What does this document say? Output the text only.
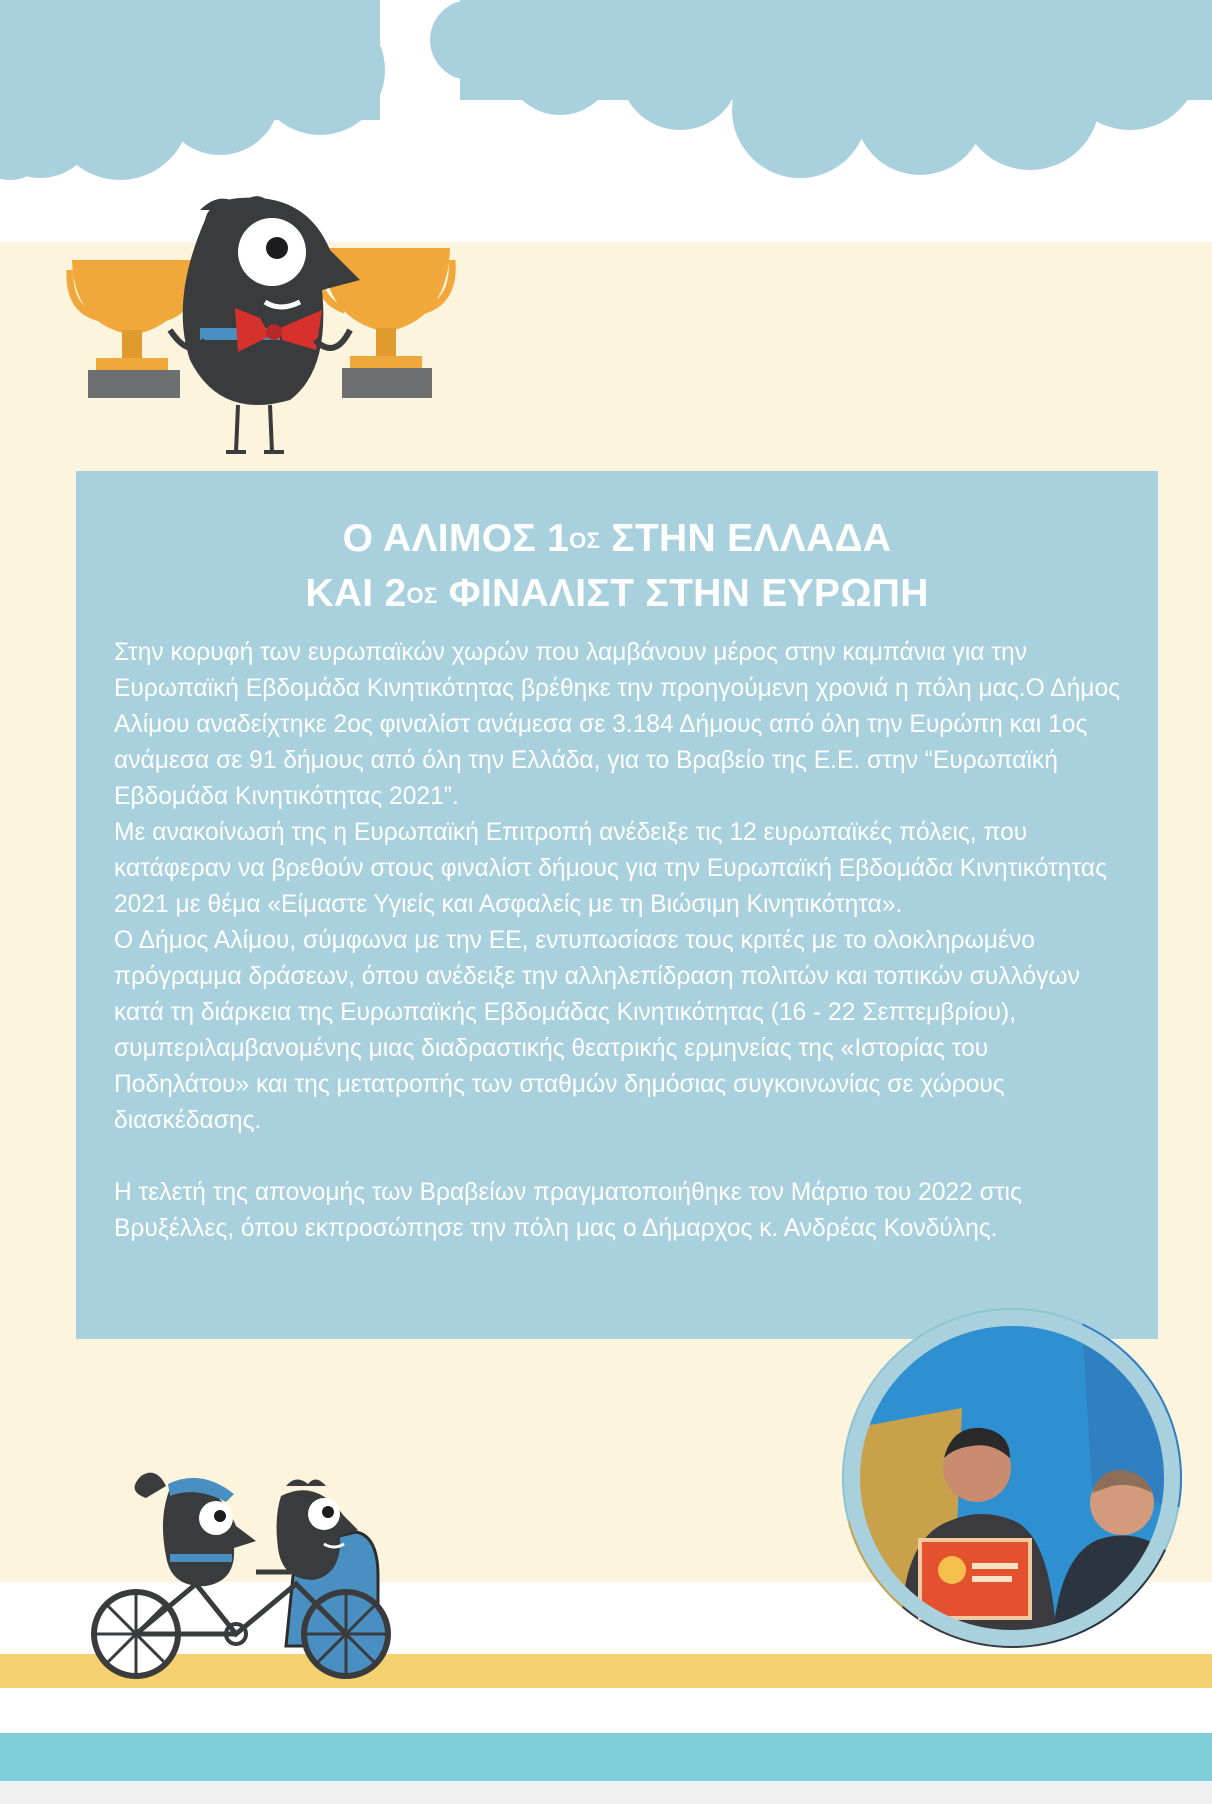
Ο ΑΛΙΜΟΣ $1^{O\Sigma}$ ΣΤΗΝ ΕΛΛΑΔΑ
ΚΑΙ $2^{O\Sigma}$ ΦΙΝΑΛΙΣΤ ΣΤΗΝ ΕΥΡΩΠΗ

Στην κορυφή των ευρωπαϊκών χωρών που λαμβάνουν μέρος στην καμπάνια για την Ευρωπαϊκή Εβδομάδα Κινητικότητας βρέθηκε την προηγούμενη χρονιά η πόλη μας.Ο Δήμος Αλίμου αναδείχτηκε 2ος φιναλίστ ανάμεσα σε 3.184 Δήμους από όλη την Ευρώπη και 1ος ανάμεσα σε 91 δήμους από όλη την Ελλάδα, για το Βραβείο της Ε.Ε. στην “Ευρωπαϊκή Εβδομάδα Κινητικότητας 2021”.

Με ανακοίνωσή της η Ευρωπαϊκή Επιτροπή ανέδειξε τις 12 ευρωπαϊκές πόλεις, που κατάφεραν να βρεθούν στους φιναλίστ δήμους για την Ευρωπαϊκή Εβδομάδα Κινητικότητας 2021 με θέμα «Είμαστε Υγιείς και Ασφαλείς με τη Βιώσιμη Κινητικότητα».

Ο Δήμος Αλίμου, σύμφωνα με την ΕΕ, εντυπωσίασε τους κριτές με το ολοκληρωμένο πρόγραμμα δράσεων, όπου ανέδειξε την αλληλεπίδραση πολιτών και τοπικών συλλόγων κατά τη διάρκεια της Ευρωπαϊκής Εβδομάδας Κινητικότητας (16 - 22 Σεπτεμβρίου), συμπεριλαμβανομένης μιας διαδραστικής θεατρικής ερμηνείας της «Ιστορίας του Ποδηλάτου» και της μετατροπής των σταθμών δημόσιας συγκοινωνίας σε χώρους διασκέδασης.

Η τελετή της απονομής των Βραβείων πραγματοποιήθηκε τον Μάρτιο του 2022 στις Βρυξέλλες, όπου εκπροσώπησε την πόλη μας ο Δήμαρχος κ. Ανδρέας Κονδύλης.
